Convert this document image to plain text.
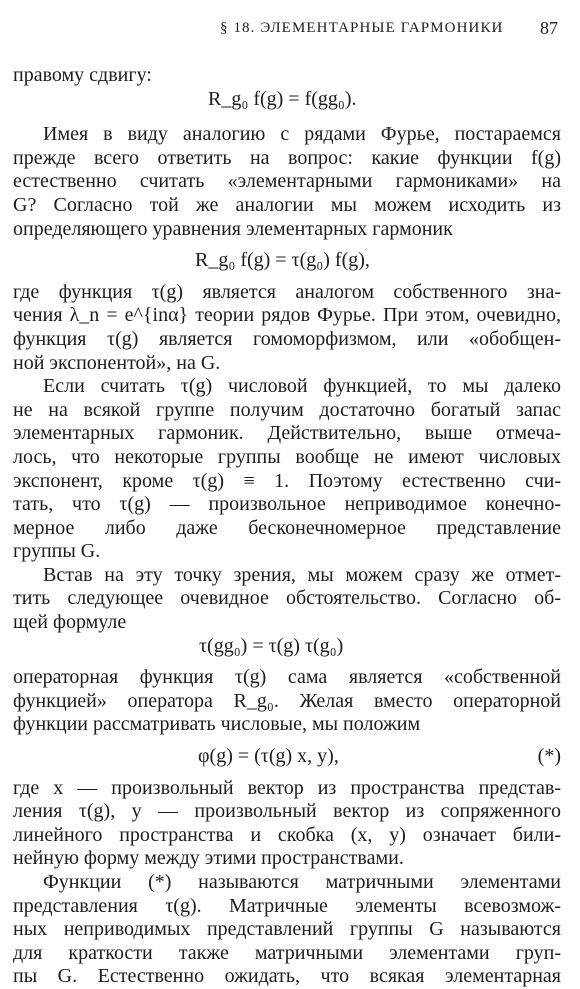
§ 18. ЭЛЕМЕНТАРНЫЕ ГАРМОНИКИ 87
правому сдвигу:
R_g₀ f(g) = f(gg₀).
Имея в виду аналогию с рядами Фурье, постараемся
прежде всего ответить на вопрос: какие функции f(g)
естественно считать «элементарными гармониками» на
G? Согласно той же аналогии мы можем исходить из
определяющего уравнения элементарных гармоник
R_g₀ f(g) = τ(g₀) f(g),
где функция τ(g) является аналогом собственного зна-
чения λ_n = e^{inα} теории рядов Фурье. При этом, очевидно,
функция τ(g) является гомоморфизмом, или «обобщен-
ной экспонентой», на G.
Если считать τ(g) числовой функцией, то мы далеко
не на всякой группе получим достаточно богатый запас
элементарных гармоник. Действительно, выше отмеча-
лось, что некоторые группы вообще не имеют числовых
экспонент, кроме τ(g) ≡ 1. Поэтому естественно счи-
тать, что τ(g) — произвольное неприводимое конечно-
мерное либо даже бесконечномерное представление
группы G.
Встав на эту точку зрения, мы можем сразу же отмет-
тить следующее очевидное обстоятельство. Согласно об-
щей формуле
τ(gg₀) = τ(g) τ(g₀)
операторная функция τ(g) сама является «собственной
функцией» оператора R_g₀. Желая вместо операторной
функции рассматривать числовые, мы положим
φ(g) = (τ(g) x, y),	(*)
где x — произвольный вектор из пространства представ-
ления τ(g), y — произвольный вектор из сопряженного
линейного пространства и скобка (x, y) означает били-
нейную форму между этими пространствами.
Функции (*) называются матричными элементами
представления τ(g). Матричные элементы всевозмож-
ных неприводимых представлений группы G называются
для краткости также матричными элементами груп-
пы G. Естественно ожидать, что всякая элементарная
